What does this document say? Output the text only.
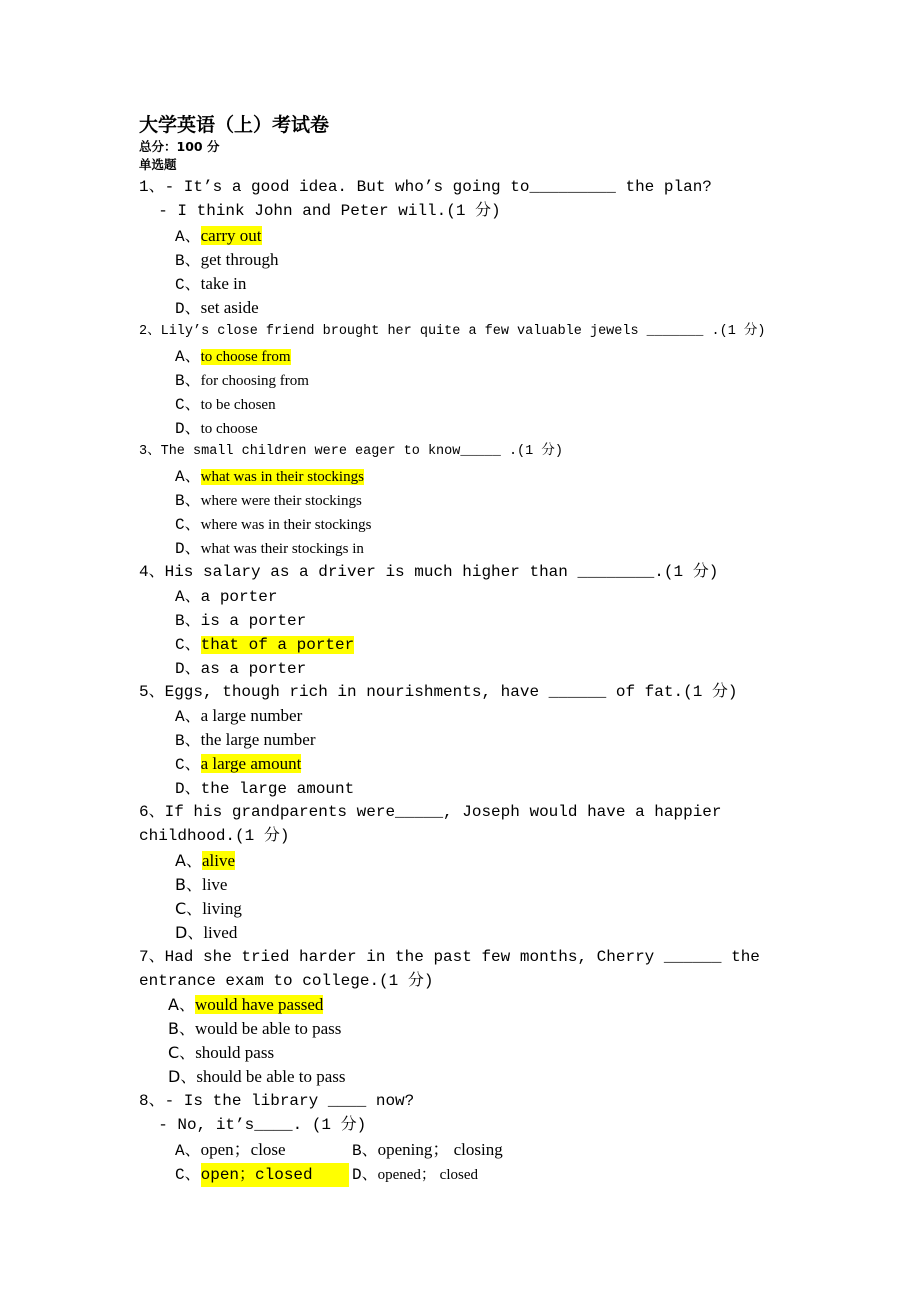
大学英语（上）考试卷
总分：100 分
单选题
1、- It’s a good idea. But who’s going to_________ the plan?
- I think John and Peter will.(1 分)
A、carry out
B、get through
C、take in
D、set aside
2、Lily’s close friend brought her quite a few valuable jewels _______ .(1 分)
A、to choose from
B、for choosing from
C、to be chosen
D、to choose
3、The small children were eager to know_____ .(1 分)
A、what was in their stockings
B、where were their stockings
C、where was in their stockings
D、what was their stockings in
4、His salary as a driver is much higher than ________.(1 分)
A、a porter
B、is a porter
C、that of a porter
D、as a porter
5、Eggs, though rich in nourishments, have ______ of fat.(1 分)
A、a large number
B、the large number
C、a large amount
D、the large amount
6、If his grandparents were_____, Joseph would have a happier
childhood.(1 分)
A、alive
B、live
C、living
D、lived
7、Had she tried harder in the past few months, Cherry ______ the
entrance exam to college.(1 分)
A、would have passed
B、would be able to pass
C、should pass
D、should be able to pass
8、- Is the library ____ now?
- No, it’s____. (1 分)
A、open；close	B、opening； closing
C、open；closed	D、opened； closed
